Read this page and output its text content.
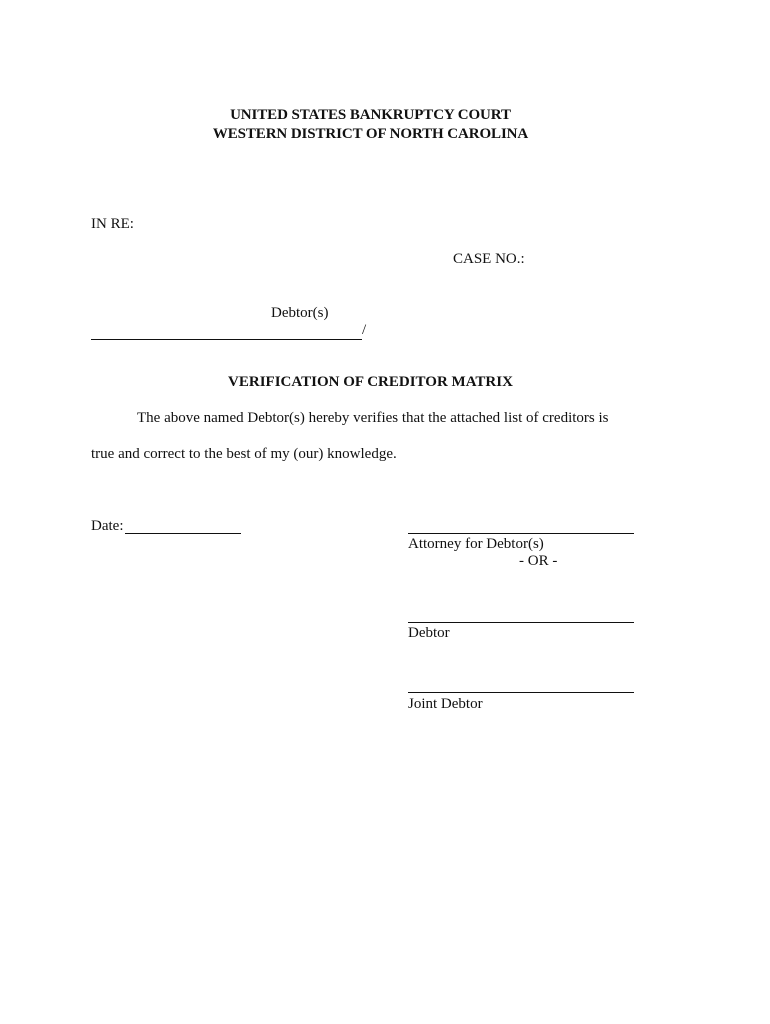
UNITED STATES BANKRUPTCY COURT
WESTERN DISTRICT OF NORTH CAROLINA
IN RE:
CASE NO.:
Debtor(s)
/
VERIFICATION OF CREDITOR MATRIX
The above named Debtor(s) hereby verifies that the attached list of creditors is
true and correct to the best of my (our) knowledge.
Date:
Attorney for Debtor(s)
- OR -
Debtor
Joint Debtor
